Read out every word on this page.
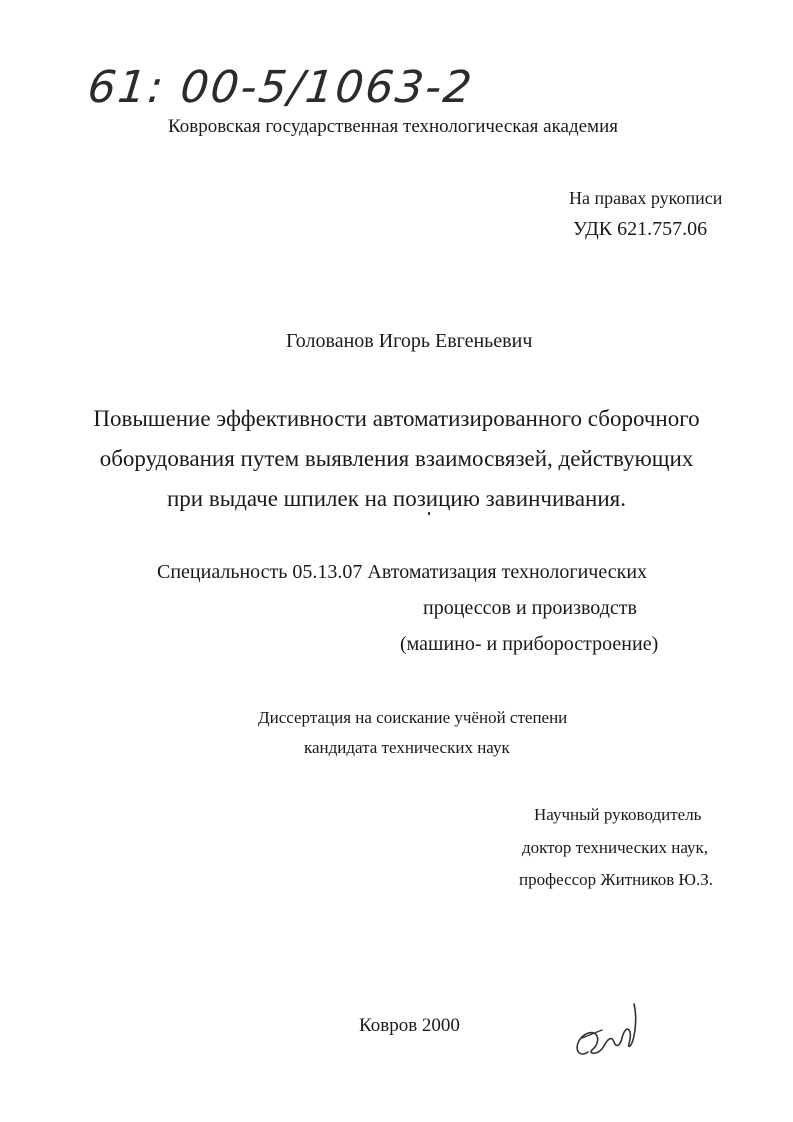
61: 00-5/1063-2
Ковровская государственная технологическая академия
На правах рукописи
УДК 621.757.06
Голованов Игорь Евгеньевич
Повышение эффективности автоматизированного сборочного
оборудования путем выявления взаимосвязей, действующих
при выдаче шпилек на позицию завинчивания.
Специальность 05.13.07 Автоматизация технологических
процессов и производств
(машино- и приборостроение)
Диссертация на соискание учёной степени
кандидата технических наук
Научный руководитель
доктор технических наук,
профессор Житников Ю.З.
Ковров 2000
